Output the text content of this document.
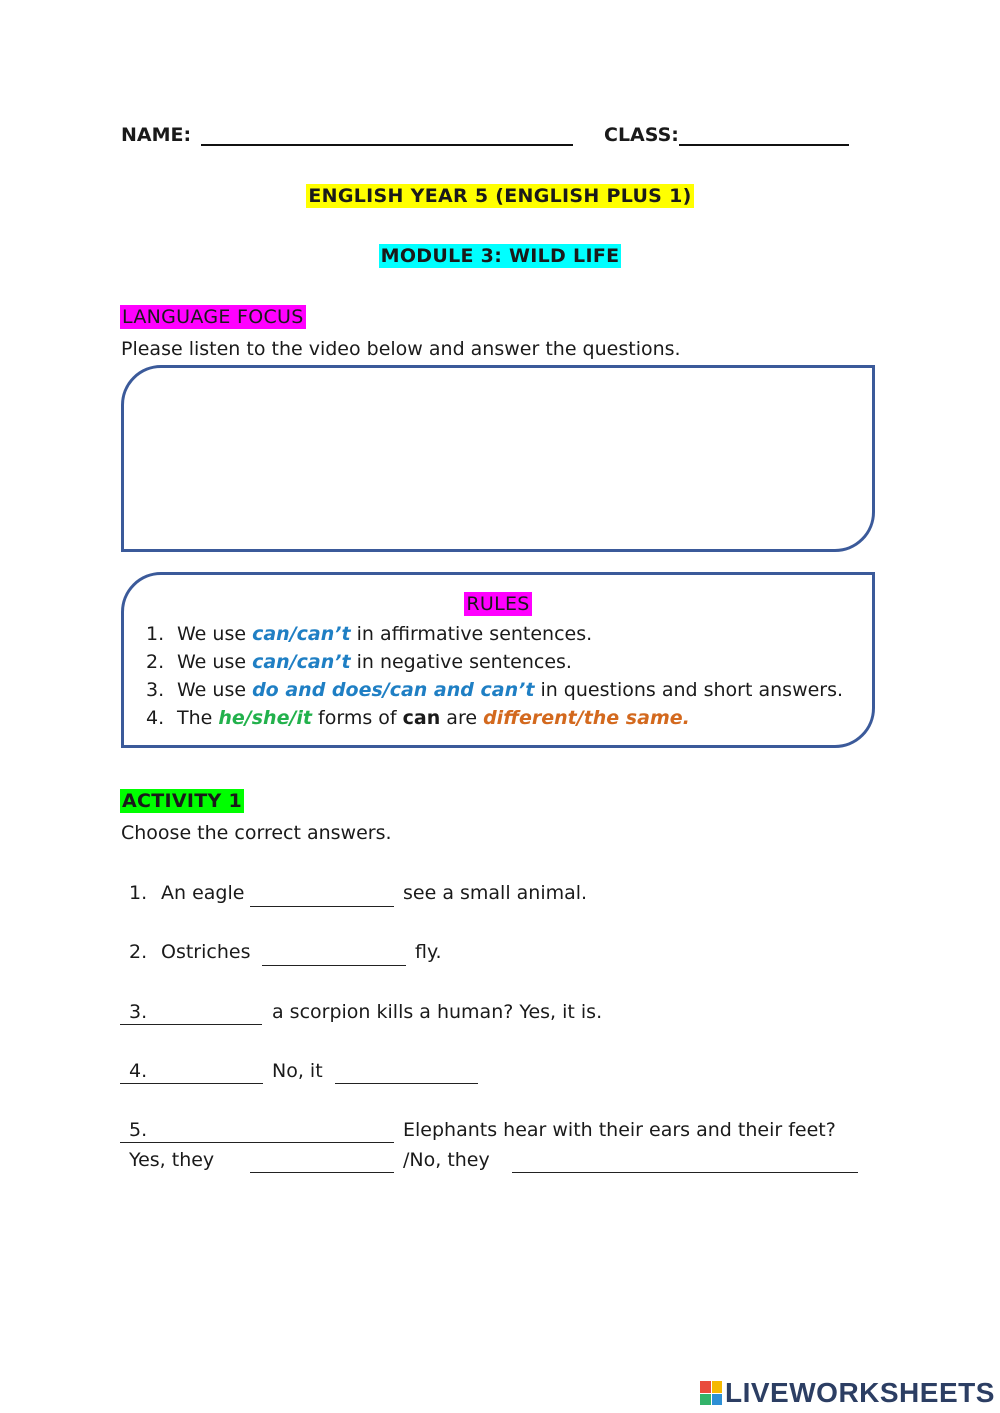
NAME:	CLASS:
ENGLISH YEAR 5 (ENGLISH PLUS 1)
MODULE 3: WILD LIFE
LANGUAGE FOCUS
Please listen to the video below and answer the questions.
RULES
1. We use can/can’t in affirmative sentences.
2. We use can/can’t in negative sentences.
3. We use do and does/can and can’t in questions and short answers.
4. The he/she/it forms of can are different/the same.
ACTIVITY 1
Choose the correct answers.
1. An eagle	see a small animal.
2. Ostriches	fly.
3.	a scorpion kills a human? Yes, it is.
4.	No, it
5.	Elephants hear with their ears and their feet?
Yes, they	/No, they
LIVEWORKSHEETS
